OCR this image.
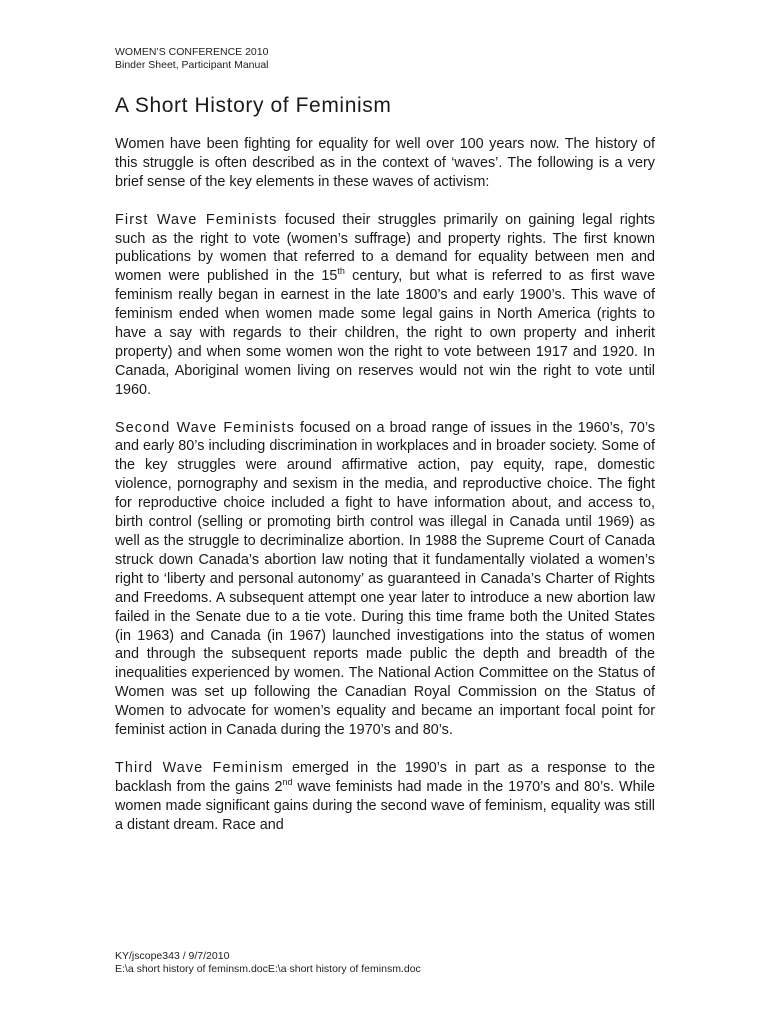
WOMEN’S CONFERENCE 2010
Binder Sheet, Participant Manual
A Short History of Feminism

Women have been fighting for equality for well over 100 years now. The history of this struggle is often described as in the context of ‘waves’. The following is a very brief sense of the key elements in these waves of activism:

First Wave Feminists focused their struggles primarily on gaining legal rights such as the right to vote (women’s suffrage) and property rights. The first known publications by women that referred to a demand for equality between men and women were published in the 15th century, but what is referred to as first wave feminism really began in earnest in the late 1800’s and early 1900’s. This wave of feminism ended when women made some legal gains in North America (rights to have a say with regards to their children, the right to own property and inherit property) and when some women won the right to vote between 1917 and 1920. In Canada, Aboriginal women living on reserves would not win the right to vote until 1960.

Second Wave Feminists focused on a broad range of issues in the 1960’s, 70’s and early 80’s including discrimination in workplaces and in broader society. Some of the key struggles were around affirmative action, pay equity, rape, domestic violence, pornography and sexism in the media, and reproductive choice. The fight for reproductive choice included a fight to have information about, and access to, birth control (selling or promoting birth control was illegal in Canada until 1969) as well as the struggle to decriminalize abortion. In 1988 the Supreme Court of Canada struck down Canada’s abortion law noting that it fundamentally violated a women’s right to ‘liberty and personal autonomy’ as guaranteed in Canada’s Charter of Rights and Freedoms. A subsequent attempt one year later to introduce a new abortion law failed in the Senate due to a tie vote. During this time frame both the United States (in 1963) and Canada (in 1967) launched investigations into the status of women and through the subsequent reports made public the depth and breadth of the inequalities experienced by women. The National Action Committee on the Status of Women was set up following the Canadian Royal Commission on the Status of Women to advocate for women’s equality and became an important focal point for feminist action in Canada during the 1970’s and 80’s.

Third Wave Feminism emerged in the 1990’s in part as a response to the backlash from the gains 2nd wave feminists had made in the 1970’s and 80’s. While women made significant gains during the second wave of feminism, equality was still a distant dream. Race and

KY/jscope343 / 9/7/2010
E:\a short history of feminsm.docE:\a short history of feminsm.doc
